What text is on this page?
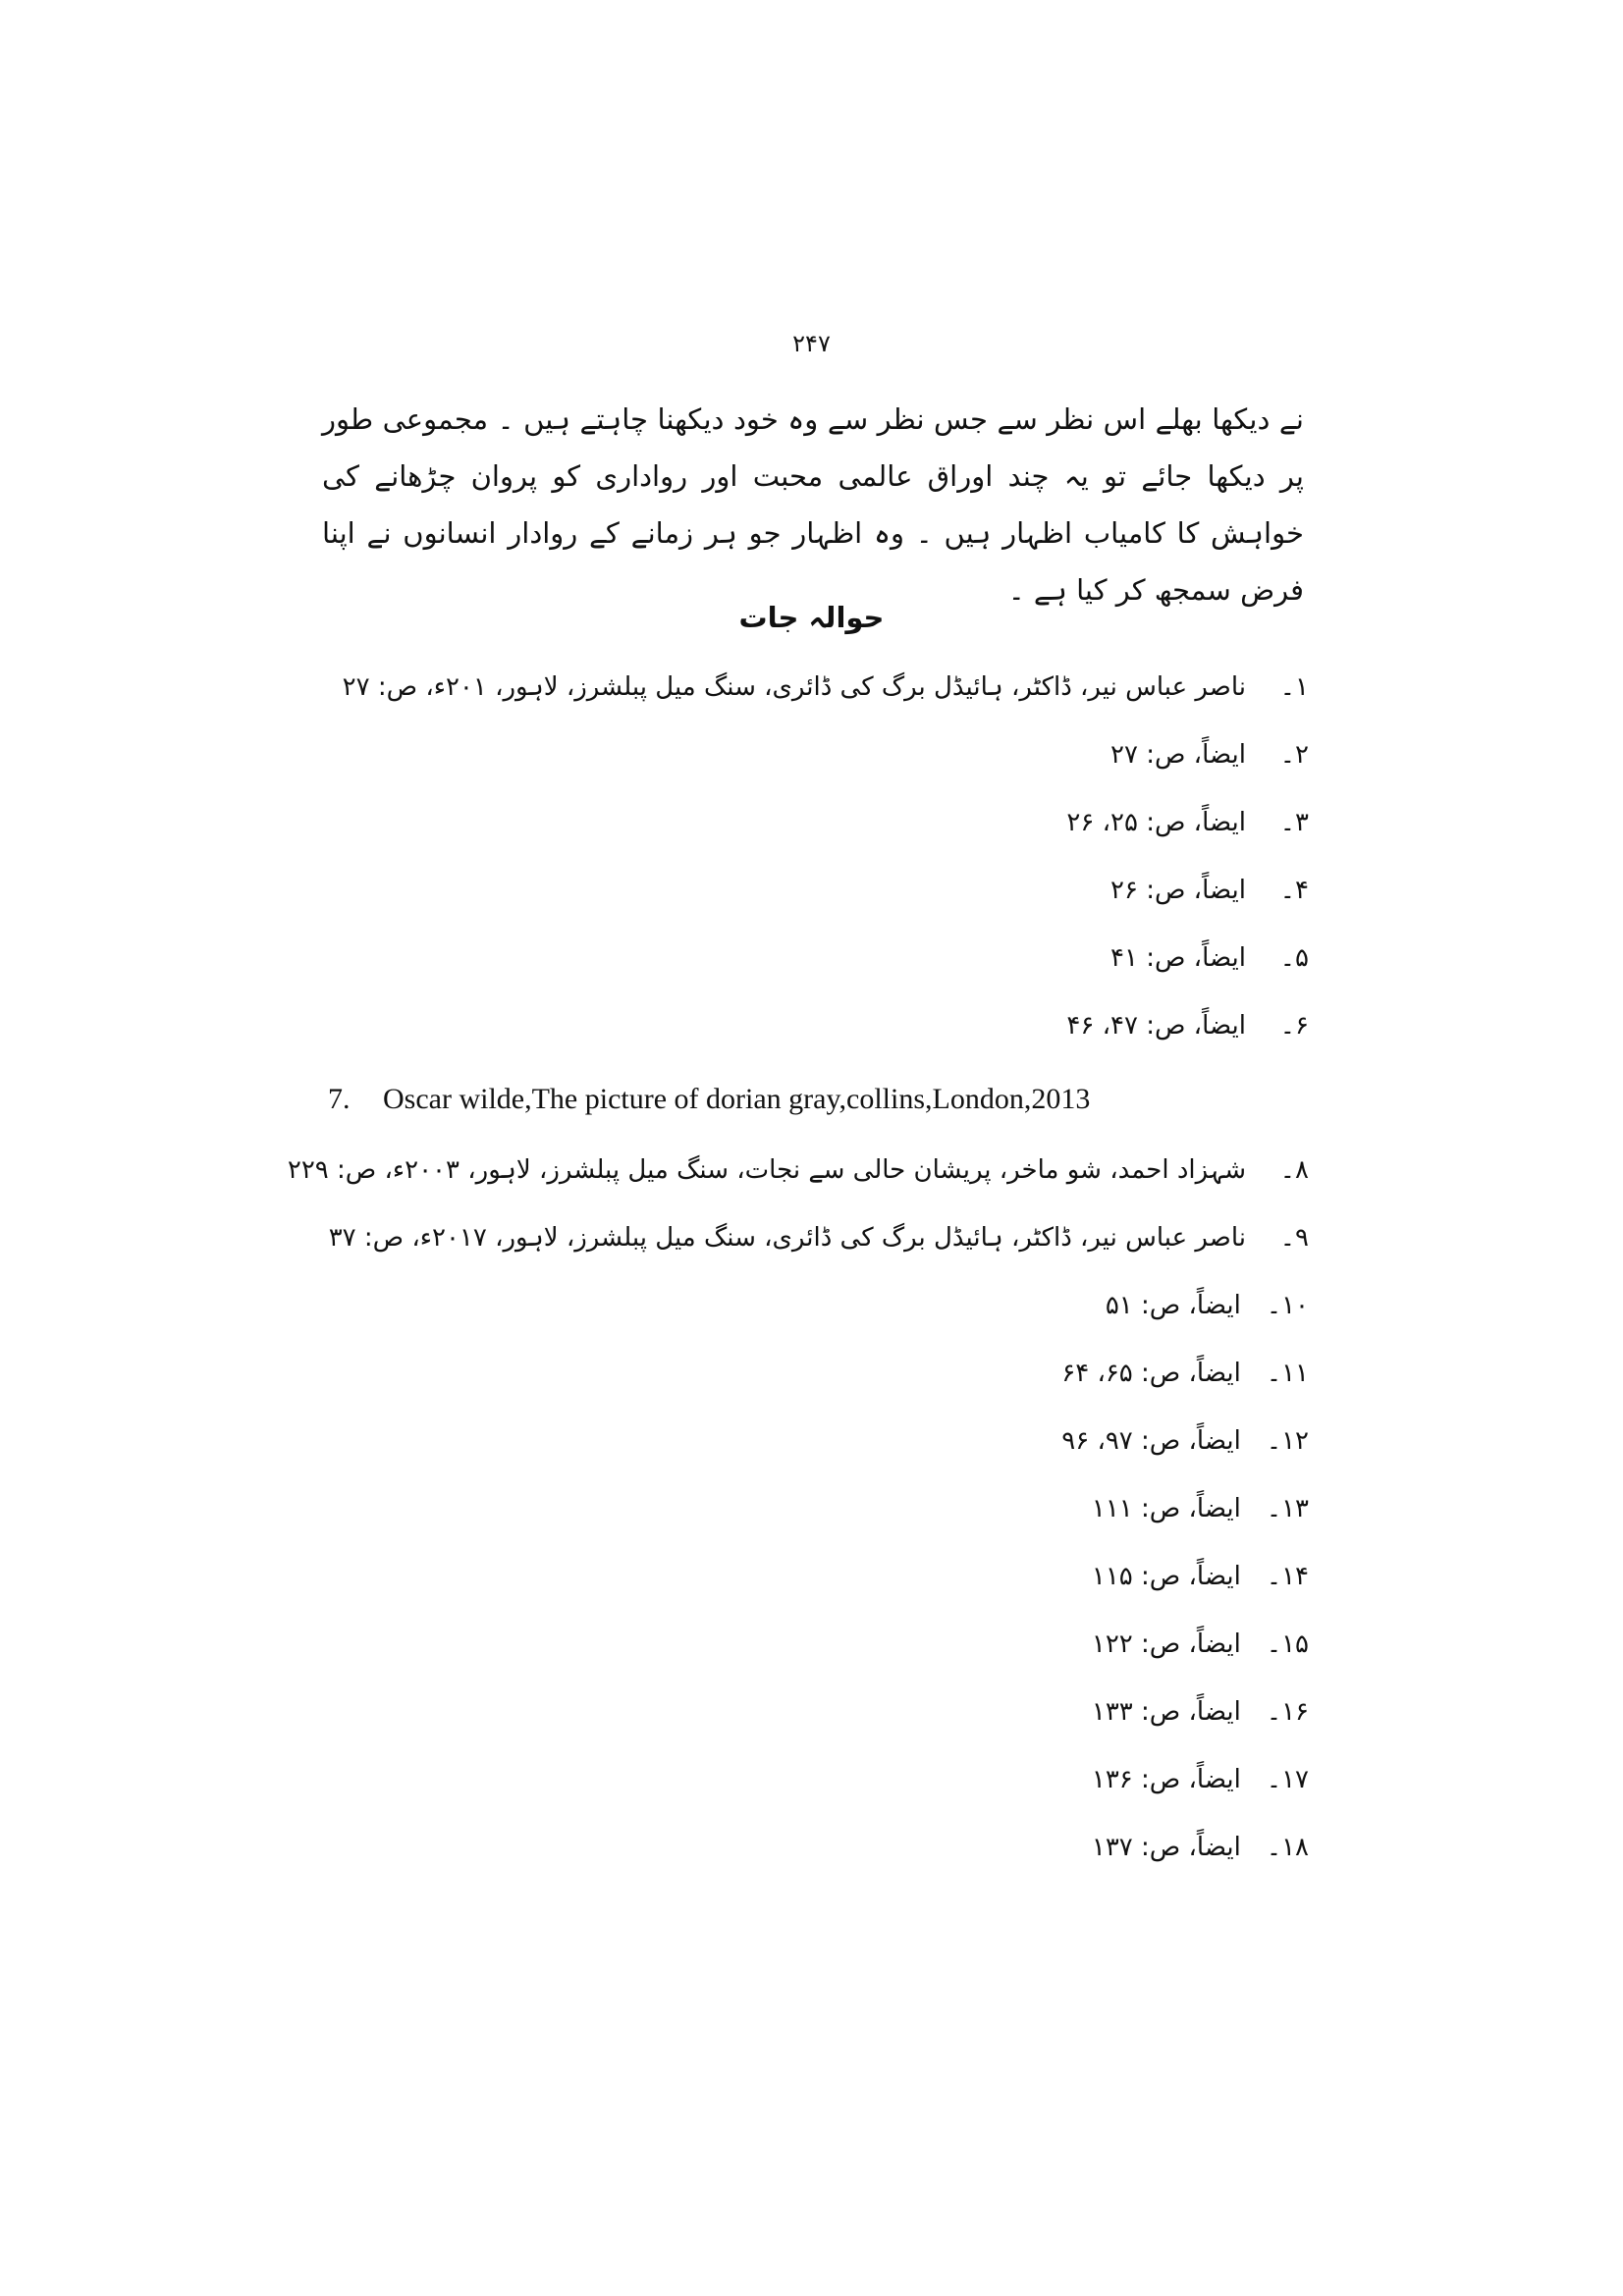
۲۴۷
نے دیکھا بھلے اس نظر سے جس نظر سے وہ خود دیکھنا چاہتے ہیں ۔ مجموعی طور پر دیکھا جائے تو یہ چند اوراق عالمی محبت اور رواداری کو پروان چڑھانے کی خواہش کا کامیاب اظہار ہیں ۔ وہ اظہار جو ہر زمانے کے روادار انسانوں نے اپنا فرض سمجھ کر کیا ہے ۔
حوالہ جات
۱۔
ناصر عباس نیر، ڈاکٹر، ہائیڈل برگ کی ڈائری، سنگ میل پبلشرز، لاہور، ۲۰۱ء، ص: ۲۷
۲۔
ایضاً، ص: ۲۷
۳۔
ایضاً، ص: ۲۵، ۲۶
۴۔
ایضاً، ص: ۲۶
۵۔
ایضاً، ص: ۴۱
۶۔
ایضاً، ص: ۴۷، ۴۶
7.	Oscar wilde,The picture of dorian gray,collins,London,2013
۸۔
شہزاد احمد، شو ماخر، پریشان حالی سے نجات، سنگ میل پبلشرز، لاہور، ۲۰۰۳ء، ص: ۲۲۹
۹۔
ناصر عباس نیر، ڈاکٹر، ہائیڈل برگ کی ڈائری، سنگ میل پبلشرز، لاہور، ۲۰۱۷ء، ص: ۳۷
۱۰۔
ایضاً، ص: ۵۱
۱۱۔
ایضاً، ص: ۶۵، ۶۴
۱۲۔
ایضاً، ص: ۹۷، ۹۶
۱۳۔
ایضاً، ص: ۱۱۱
۱۴۔
ایضاً، ص: ۱۱۵
۱۵۔
ایضاً، ص: ۱۲۲
۱۶۔
ایضاً، ص: ۱۳۳
۱۷۔
ایضاً، ص: ۱۳۶
۱۸۔
ایضاً، ص: ۱۳۷
